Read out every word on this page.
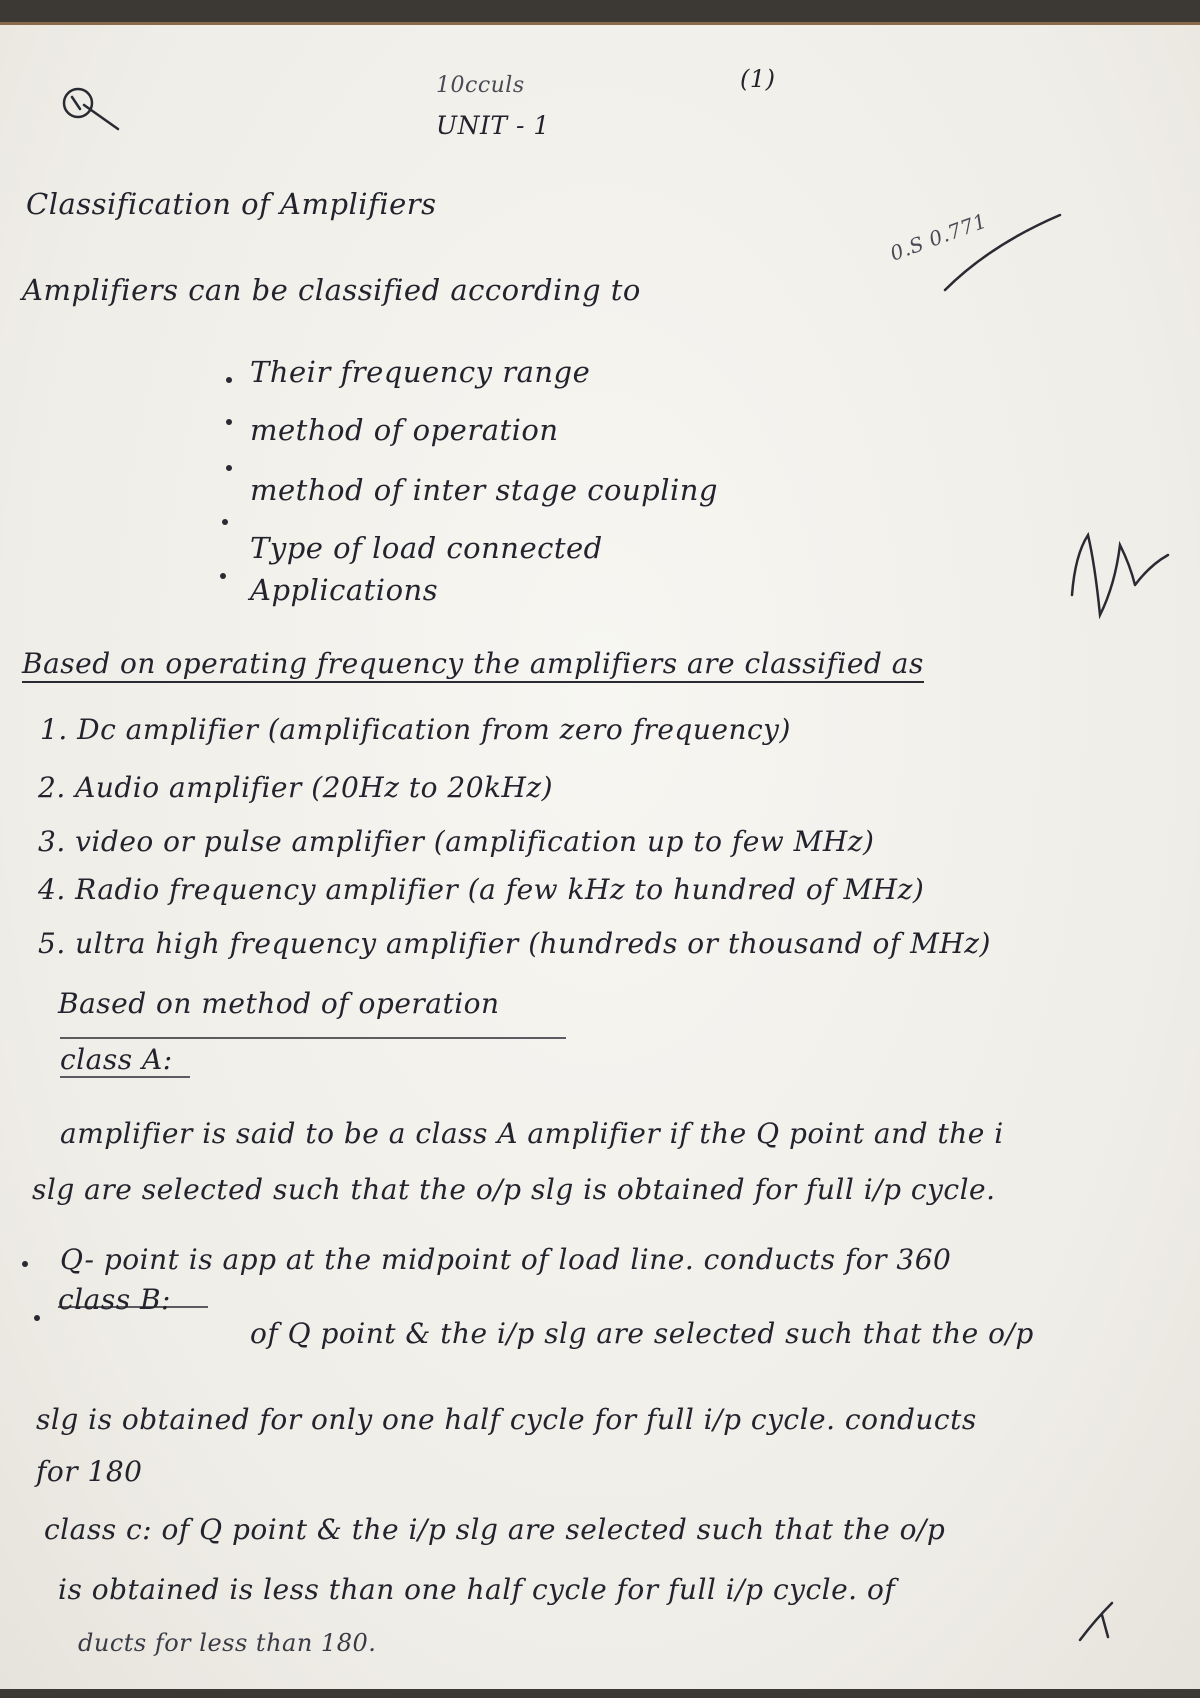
10cculs	(1)
UNIT - 1
0.S 0.771
Classification of Amplifiers
Amplifiers can be classified according to
Their frequency range
method of operation
method of inter stage coupling
Type of load connected
Applications
Based on operating frequency the amplifiers are classified as
1. Dc amplifier (amplification from zero frequency)
2. Audio amplifier (20Hz to 20kHz)
3. video or pulse amplifier (amplification up to few MHz)
4. Radio frequency amplifier (a few kHz to hundred of MHz)
5. ultra high frequency amplifier (hundreds or thousand of MHz)
Based on method of operation
class A:
amplifier is said to be a class A amplifier if the Q point and the i
slg are selected such that the o/p slg is obtained for full i/p cycle.
Q- point is app at the midpoint of load line. conducts for 360
class B:
of Q point & the i/p slg are selected such that the o/p
slg is obtained for only one half cycle for full i/p cycle. conducts
for 180
class c: of Q point & the i/p slg are selected such that the o/p
is obtained is less than one half cycle for full i/p cycle. of
ducts for less than 180.
